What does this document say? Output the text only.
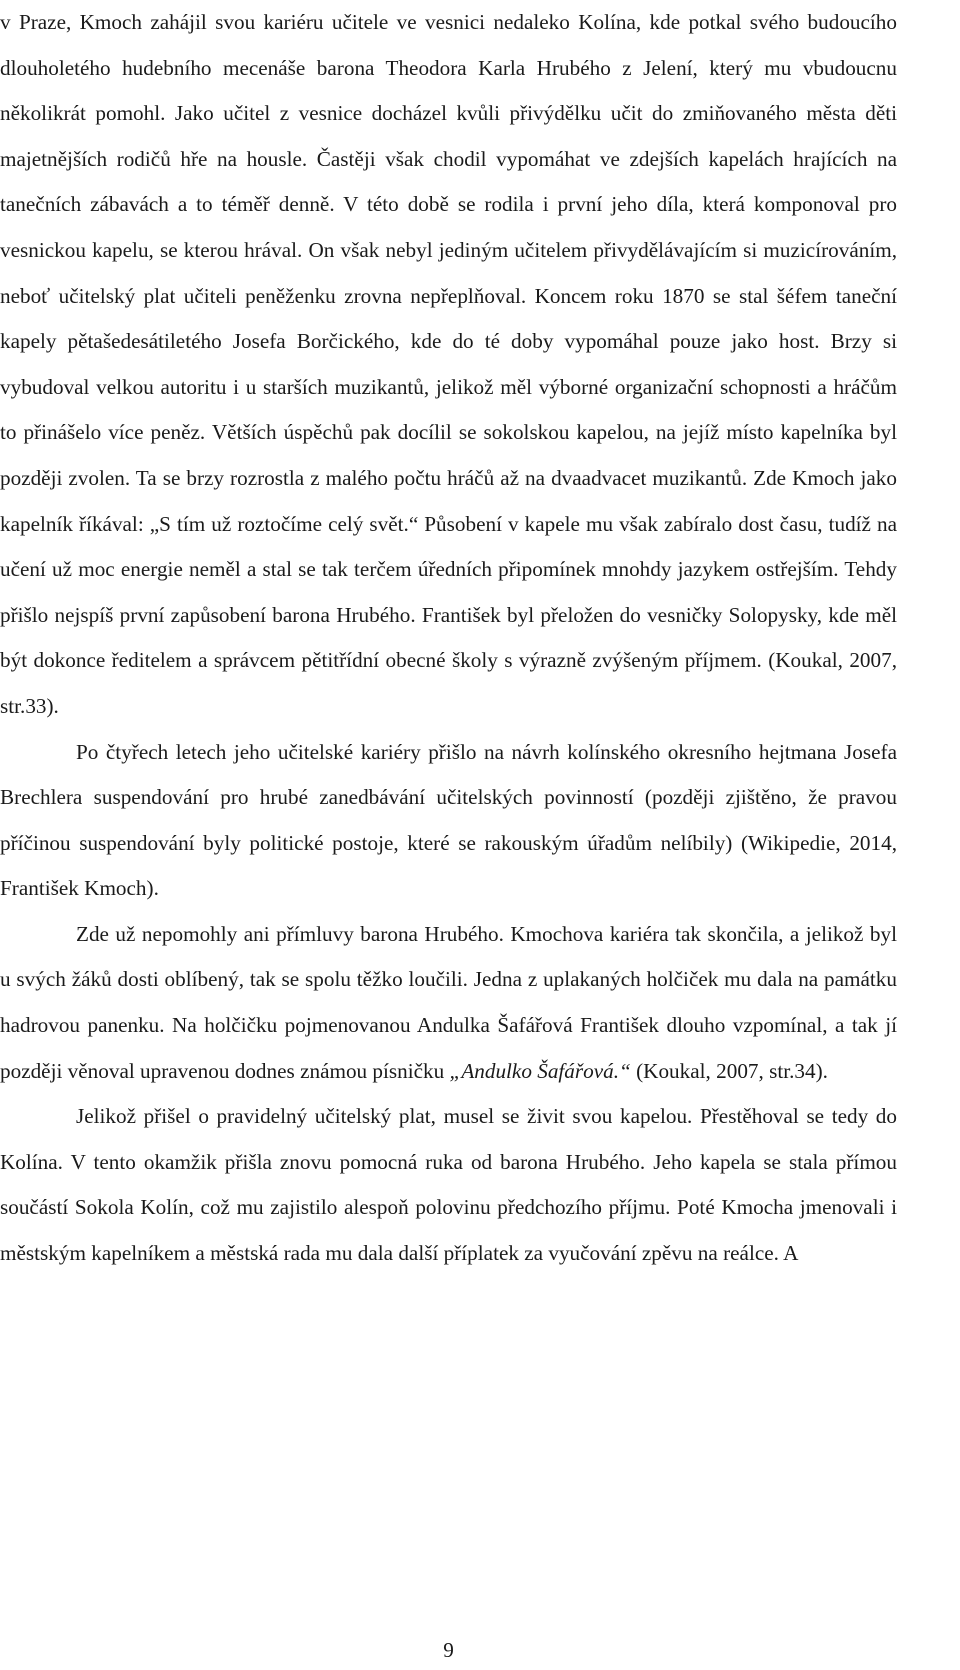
v Praze, Kmoch zahájil svou kariéru učitele ve vesnici nedaleko Kolína, kde potkal svého budoucího dlouholetého hudebního mecenáše barona Theodora Karla Hrubého z Jelení, který mu vbudoucnu několikrát pomohl. Jako učitel z vesnice docházel kvůli přivýdělku učit do zmiňovaného města děti majetnějších rodičů hře na housle. Častěji však chodil vypomáhat ve zdejších kapelách hrajících na tanečních zábavách a to téměř denně. V této době se rodila i první jeho díla, která komponoval pro vesnickou kapelu, se kterou hrával. On však nebyl jediným učitelem přivydělávajícím si muzicírováním, neboť učitelský plat učiteli peněženku zrovna nepřeplňoval. Koncem roku 1870 se stal šéfem taneční kapely pětašedesátiletého Josefa Borčického, kde do té doby vypomáhal pouze jako host. Brzy si vybudoval velkou autoritu i u starších muzikantů, jelikož měl výborné organizační schopnosti a hráčům to přinášelo více peněz. Větších úspěchů pak docílil se sokolskou kapelou, na jejíž místo kapelníka byl později zvolen. Ta se brzy rozrostla z malého počtu hráčů až na dvaadvacet muzikantů. Zde Kmoch jako kapelník říkával: „S tím už roztočíme celý svět.“ Působení v kapele mu však zabíralo dost času, tudíž na učení už moc energie neměl a stal se tak terčem úředních připomínek mnohdy jazykem ostřejším. Tehdy přišlo nejspíš první zapůsobení barona Hrubého. František byl přeložen do vesničky Solopysky, kde měl být dokonce ředitelem a správcem pětitřídní obecné školy s výrazně zvýšeným příjmem. (Koukal, 2007, str.33).

Po čtyřech letech jeho učitelské kariéry přišlo na návrh kolínského okresního hejtmana Josefa Brechlera suspendování pro hrubé zanedbávání učitelských povinností (později zjištěno, že pravou příčinou suspendování byly politické postoje, které se rakouským úřadům nelíbily) (Wikipedie, 2014, František Kmoch).

Zde už nepomohly ani přímluvy barona Hrubého. Kmochova kariéra tak skončila, a jelikož byl u svých žáků dosti oblíbený, tak se spolu těžko loučili. Jedna z uplakaných holčiček mu dala na památku hadrovou panenku. Na holčičku pojmenovanou Andulka Šafářová František dlouho vzpomínal, a tak jí později věnoval upravenou dodnes známou písničku „Andulko Šafářová.“ (Koukal, 2007, str.34).

Jelikož přišel o pravidelný učitelský plat, musel se živit svou kapelou. Přestěhoval se tedy do Kolína. V tento okamžik přišla znovu pomocná ruka od barona Hrubého. Jeho kapela se stala přímou součástí Sokola Kolín, což mu zajistilo alespoň polovinu předchozího příjmu. Poté Kmocha jmenovali i městským kapelníkem a městská rada mu dala další příplatek za vyučování zpěvu na reálce. A

9
